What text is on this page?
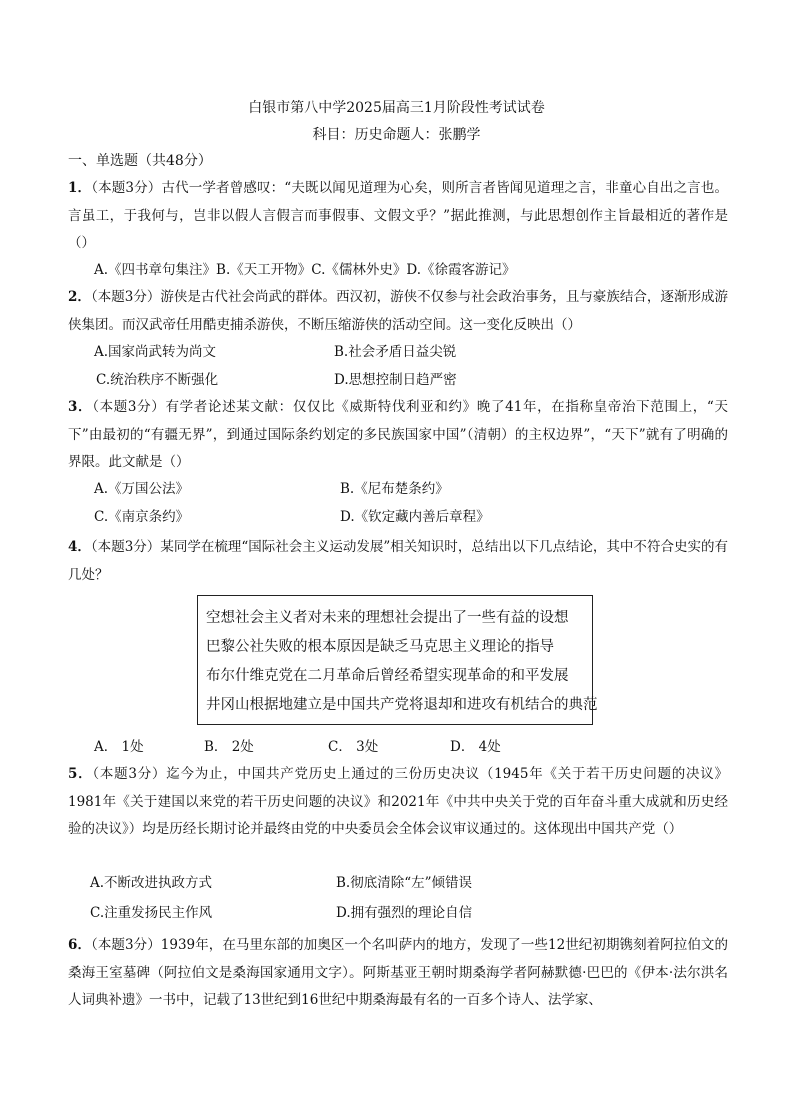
白银市第八中学2025届高三1月阶段性考试试卷
科目：历史命题人：张鹏学
一、单选题（共48分）
1．（本题3分）古代一学者曾感叹：“夫既以闻见道理为心矣，则所言者皆闻见道理之言，非童心自出之言也。言虽工，于我何与，岂非以假人言假言而事假事、文假文乎？”据此推测，与此思想创作主旨最相近的著作是（）
A.《四书章句集注》B.《天工开物》C.《儒林外史》D.《徐霞客游记》
2．（本题3分）游侠是古代社会尚武的群体。西汉初，游侠不仅参与社会政治事务，且与豪族结合，逐渐形成游侠集团。而汉武帝任用酷吏捕杀游侠，不断压缩游侠的活动空间。这一变化反映出（）
A.国家尚武转为尚文	B.社会矛盾日益尖锐
C.统治秩序不断强化	D.思想控制日趋严密
3．（本题3分）有学者论述某文献：仅仅比《威斯特伐利亚和约》晚了41年，在指称皇帝治下范围上，“天下”由最初的“有疆无界”，到通过国际条约划定的多民族国家中国”（清朝）的主权边界”，“天下”就有了明确的界限。此文献是（）
A.《万国公法》	B.《尼布楚条约》
C.《南京条约》	D.《钦定藏内善后章程》
4．（本题3分）某同学在梳理“国际社会主义运动发展”相关知识时，总结出以下几点结论，其中不符合史实的有几处？
空想社会主义者对未来的理想社会提出了一些有益的设想
巴黎公社失败的根本原因是缺乏马克思主义理论的指导
布尔什维克党在二月革命后曾经希望实现革命的和平发展
井冈山根据地建立是中国共产党将退却和进攻有机结合的典范
A． 1处	B． 2处	C． 3处	D． 4处
5．（本题3分）迄今为止，中国共产党历史上通过的三份历史决议（1945年《关于若干历史问题的决议》1981年《关于建国以来党的若干历史问题的决议》和2021年《中共中央关于党的百年奋斗重大成就和历史经验的决议》）均是历经长期讨论并最终由党的中央委员会全体会议审议通过的。这体现出中国共产党（）
A.不断改进执政方式	B.彻底清除“左”倾错误
C.注重发扬民主作风	D.拥有强烈的理论自信
6．（本题3分）1939年，在马里东部的加奥区一个名叫萨内的地方，发现了一些12世纪初期镌刻着阿拉伯文的桑海王室墓碑（阿拉伯文是桑海国家通用文字）。阿斯基亚王朝时期桑海学者阿赫默德·巴巴的《伊本·法尔洪名人词典补遗》一书中，记载了13世纪到16世纪中期桑海最有名的一百多个诗人、法学家、
